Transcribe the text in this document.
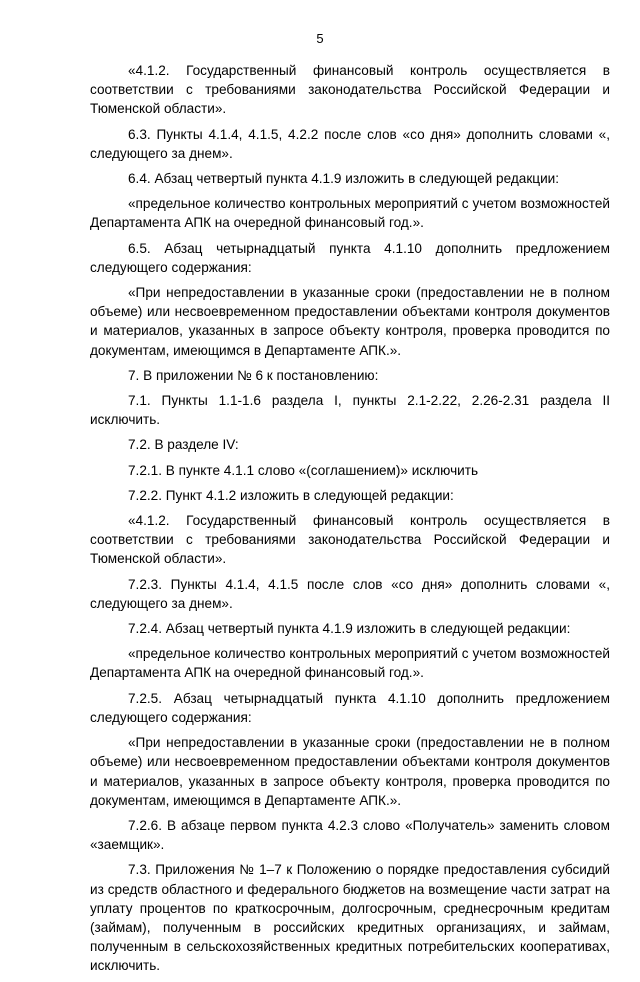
5

«4.1.2. Государственный финансовый контроль осуществляется в соответствии с требованиями законодательства Российской Федерации и Тюменской области».

6.3. Пункты 4.1.4, 4.1.5, 4.2.2 после слов «со дня» дополнить словами «, следующего за днем».

6.4. Абзац четвертый пункта 4.1.9 изложить в следующей редакции:

«предельное количество контрольных мероприятий с учетом возможностей Департамента АПК на очередной финансовый год.».

6.5. Абзац четырнадцатый пункта 4.1.10 дополнить предложением следующего содержания:

«При непредоставлении в указанные сроки (предоставлении не в полном объеме) или несвоевременном предоставлении объектами контроля документов и материалов, указанных в запросе объекту контроля, проверка проводится по документам, имеющимся в Департаменте АПК.».

7. В приложении № 6 к постановлению:

7.1. Пункты 1.1-1.6 раздела I, пункты 2.1-2.22, 2.26-2.31 раздела II исключить.

7.2. В разделе IV:

7.2.1. В пункте 4.1.1 слово «(соглашением)» исключить

7.2.2. Пункт 4.1.2 изложить в следующей редакции:

«4.1.2. Государственный финансовый контроль осуществляется в соответствии с требованиями законодательства Российской Федерации и Тюменской области».

7.2.3. Пункты 4.1.4, 4.1.5 после слов «со дня» дополнить словами «, следующего за днем».

7.2.4. Абзац четвертый пункта 4.1.9 изложить в следующей редакции:

«предельное количество контрольных мероприятий с учетом возможностей Департамента АПК на очередной финансовый год.».

7.2.5. Абзац четырнадцатый пункта 4.1.10 дополнить предложением следующего содержания:

«При непредоставлении в указанные сроки (предоставлении не в полном объеме) или несвоевременном предоставлении объектами контроля документов и материалов, указанных в запросе объекту контроля, проверка проводится по документам, имеющимся в Департаменте АПК.».

7.2.6. В абзаце первом пункта 4.2.3 слово «Получатель» заменить словом «заемщик».

7.3. Приложения № 1–7 к Положению о порядке предоставления субсидий из средств областного и федерального бюджетов на возмещение части затрат на уплату процентов по краткосрочным, долгосрочным, среднесрочным кредитам (займам), полученным в российских кредитных организациях, и займам, полученным в сельскохозяйственных кредитных потребительских кооперативах, исключить.
